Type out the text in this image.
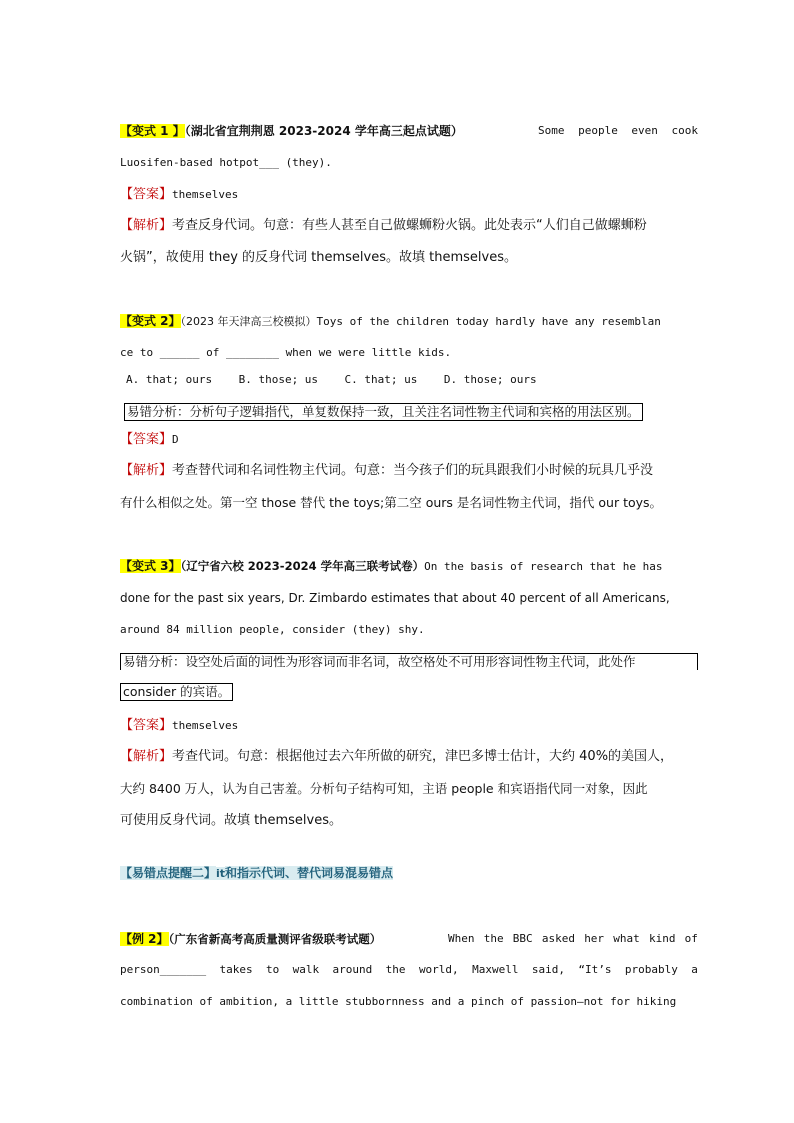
【变式 1 】（湖北省宜荆荆恩 2023-2024 学年高三起点试题）	Some people even cook
Luosifen-based hotpot___ (they).
【答案】themselves
【解析】考查反身代词。句意：有些人甚至自己做螺蛳粉火锅。此处表示“人们自己做螺蛳粉
火锅”，故使用 they 的反身代词 themselves。故填 themselves。
【变式 2】（2023 年天津高三校模拟）Toys of the children today hardly have any resemblan
ce to ______ of ________ when we were little kids.
A. that; ours    B. those; us    C. that; us    D. those; ours
易错分析：分析句子逻辑指代，单复数保持一致，且关注名词性物主代词和宾格的用法区别。
【答案】D
【解析】考查替代词和名词性物主代词。句意：当今孩子们的玩具跟我们小时候的玩具几乎没
有什么相似之处。第一空 those 替代 the toys;第二空 ours 是名词性物主代词，指代 our toys。
【变式 3】（辽宁省六校 2023-2024 学年高三联考试卷）On the basis of research that he has
done for the past six years, Dr. Zimbardo estimates that about 40 percent of all Americans,
around 84 million people, consider (they) shy.
易错分析：设空处后面的词性为形容词而非名词，故空格处不可用形容词性物主代词，此处作
consider 的宾语。
【答案】themselves
【解析】考查代词。句意：根据他过去六年所做的研究，津巴多博士估计，大约 40%的美国人，
大约 8400 万人，认为自己害羞。分析句子结构可知，主语 people 和宾语指代同一对象，因此
可使用反身代词。故填 themselves。
【易错点提醒二】it和指示代词、替代词易混易错点
【例 2】（广东省新高考高质量测评省级联考试题）	When the BBC asked her what kind of
person_______ takes to walk around the world, Maxwell said, “It’s probably a
combination of ambition, a little stubbornness and a pinch of passion—not for hiking
